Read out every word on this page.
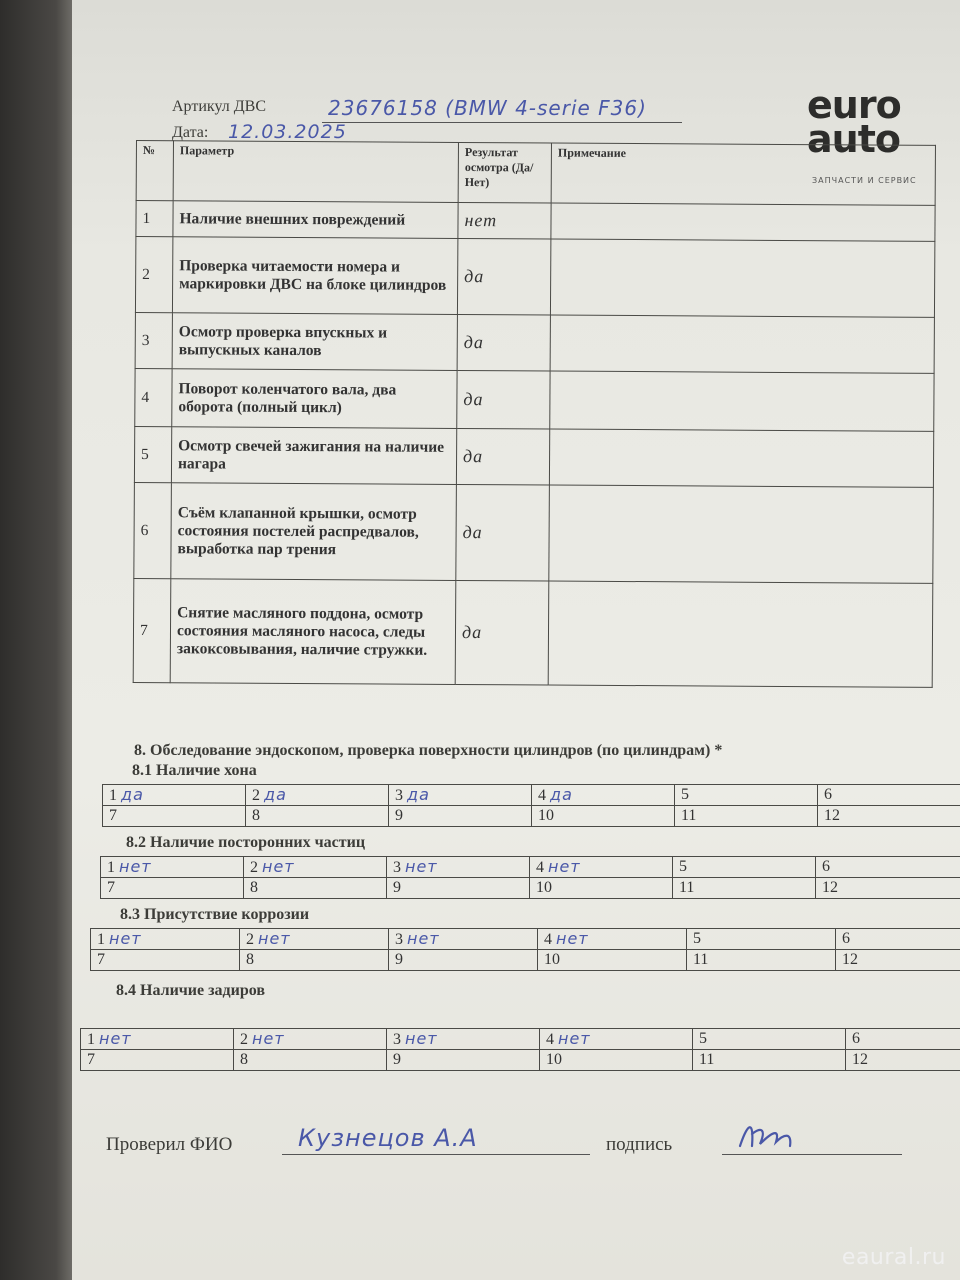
euro
auto
ЗАПЧАСТИ И СЕРВИС
Артикул ДВС	23676158 (BMW 4-serie F36)
Дата: 12.03.2025
№	Параметр	Результат осмотра (Да/Нет)	Примечание
1	Наличие внешних повреждений	нет	
2	Проверка читаемости номера и маркировки ДВС на блоке цилиндров	да	
3	Осмотр проверка впускных и выпускных каналов	да	
4	Поворот коленчатого вала, два оборота (полный цикл)	да	
5	Осмотр свечей зажигания на наличие нагара	да	
6	Съём клапанной крышки, осмотр состояния постелей распредвалов, выработка пар трения	да	
7	Снятие масляного поддона, осмотр состояния масляного насоса, следы закоксовывания, наличие стружки.	да	
8. Обследование эндоскопом, проверка поверхности цилиндров (по цилиндрам) *
8.1 Наличие хона
1 да	2 да	3 да	4 да	5	6
7	8	9	10	11	12
8.2 Наличие посторонних частиц
1 нет	2 нет	3 нет	4 нет	5	6
7	8	9	10	11	12
8.3 Присутствие коррозии
1 нет	2 нет	3 нет	4 нет	5	6
7	8	9	10	11	12
8.4 Наличие задиров
1 нет	2 нет	3 нет	4 нет	5	6
7	8	9	10	11	12
Проверил ФИО	Кузнецов А.А	подпись
eaural.ru
